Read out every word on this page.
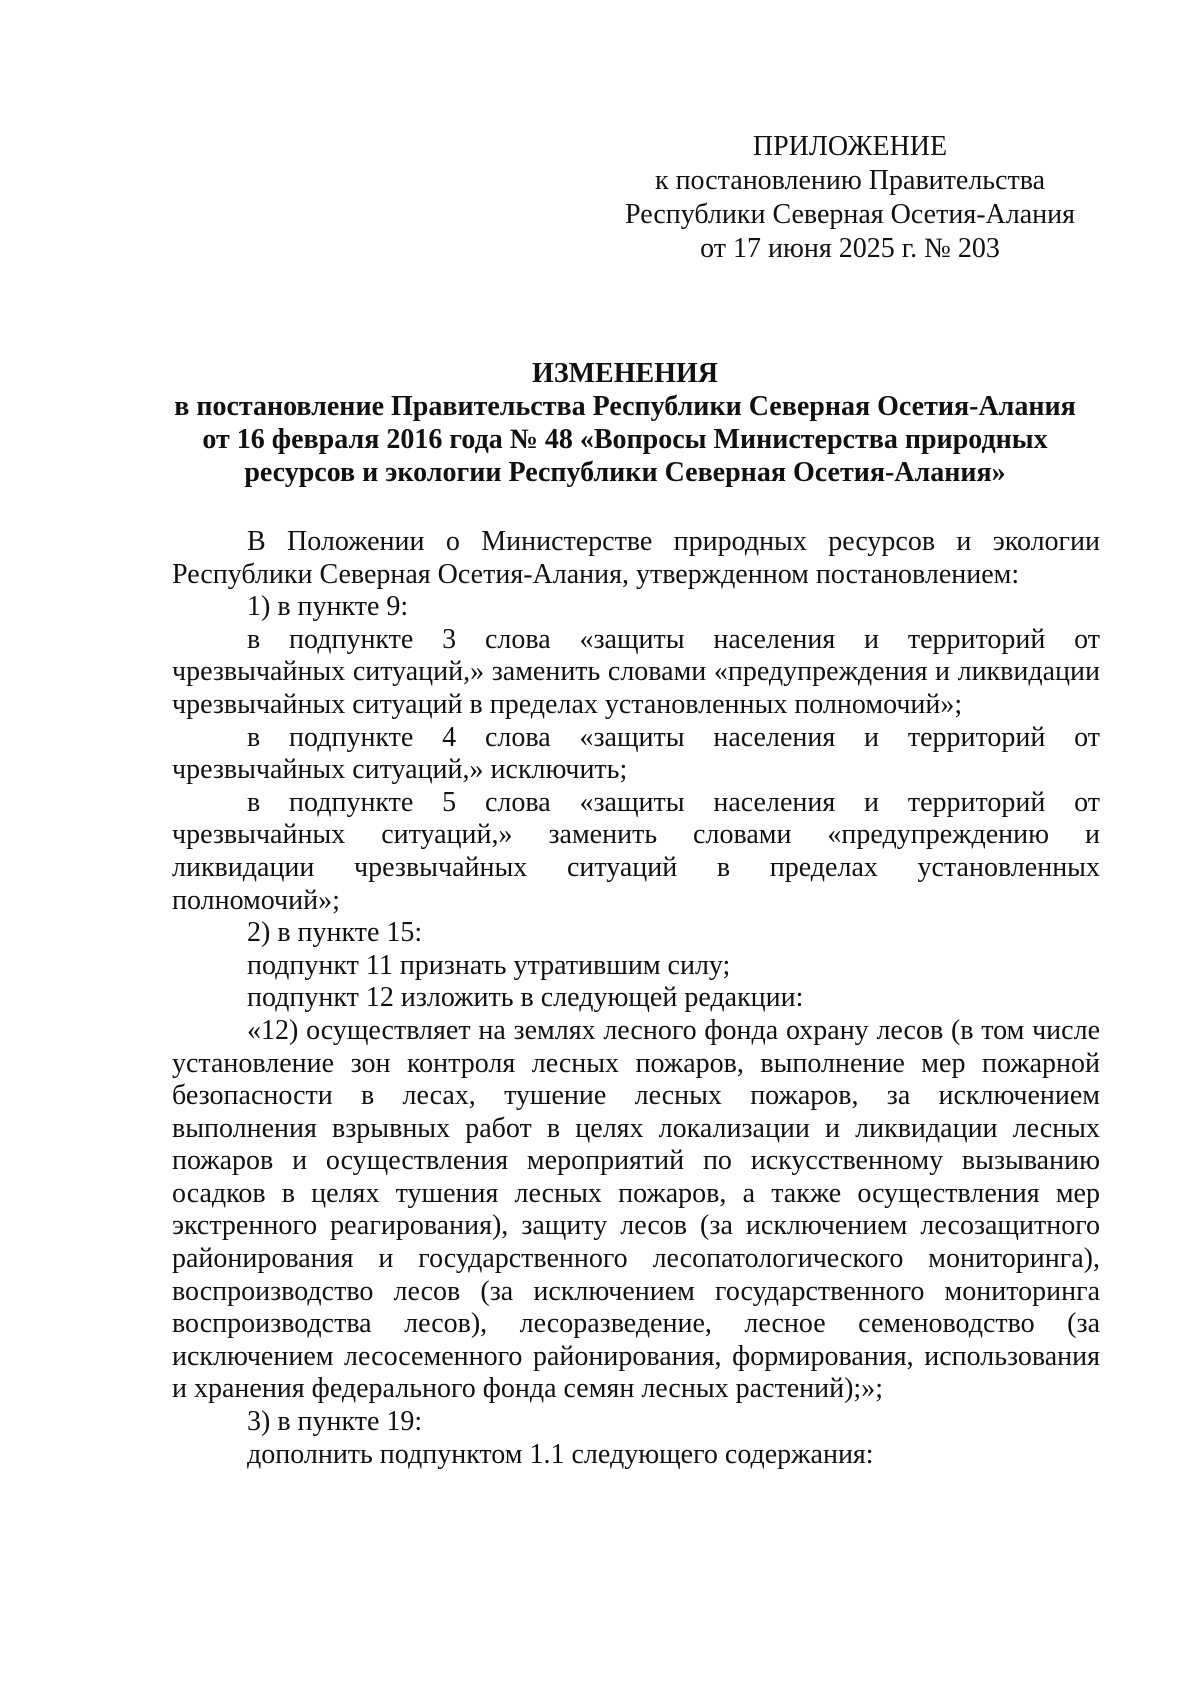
ПРИЛОЖЕНИЕ
к постановлению Правительства
Республики Северная Осетия-Алания
от 17 июня 2025 г. № 203
ИЗМЕНЕНИЯ
в постановление Правительства Республики Северная Осетия-Алания
от 16 февраля 2016 года № 48 «Вопросы Министерства природных
ресурсов и экологии Республики Северная Осетия-Алания»

В Положении о Министерстве природных ресурсов и экологии Республики Северная Осетия-Алания, утвержденном постановлением:

1) в пункте 9:

в подпункте 3 слова «защиты населения и территорий от чрезвычайных ситуаций,» заменить словами «предупреждения и ликвидации чрезвычайных ситуаций в пределах установленных полномочий»;

в подпункте 4 слова «защиты населения и территорий от чрезвычайных ситуаций,» исключить;

в подпункте 5 слова «защиты населения и территорий от чрезвычайных ситуаций,» заменить словами «предупреждению и ликвидации чрезвычайных ситуаций в пределах установленных полномочий»;

2) в пункте 15:

подпункт 11 признать утратившим силу;

подпункт 12 изложить в следующей редакции:

«12) осуществляет на землях лесного фонда охрану лесов (в том числе установление зон контроля лесных пожаров, выполнение мер пожарной безопасности в лесах, тушение лесных пожаров, за исключением выполнения взрывных работ в целях локализации и ликвидации лесных пожаров и осуществления мероприятий по искусственному вызыванию осадков в целях тушения лесных пожаров, а также осуществления мер экстренного реагирования), защиту лесов (за исключением лесозащитного районирования и государственного лесопатологического мониторинга), воспроизводство лесов (за исключением государственного мониторинга воспроизводства лесов), лесоразведение, лесное семеноводство (за исключением лесосеменного районирования, формирования, использования и хранения федерального фонда семян лесных растений);»;

3) в пункте 19:

дополнить подпунктом 1.1 следующего содержания:
